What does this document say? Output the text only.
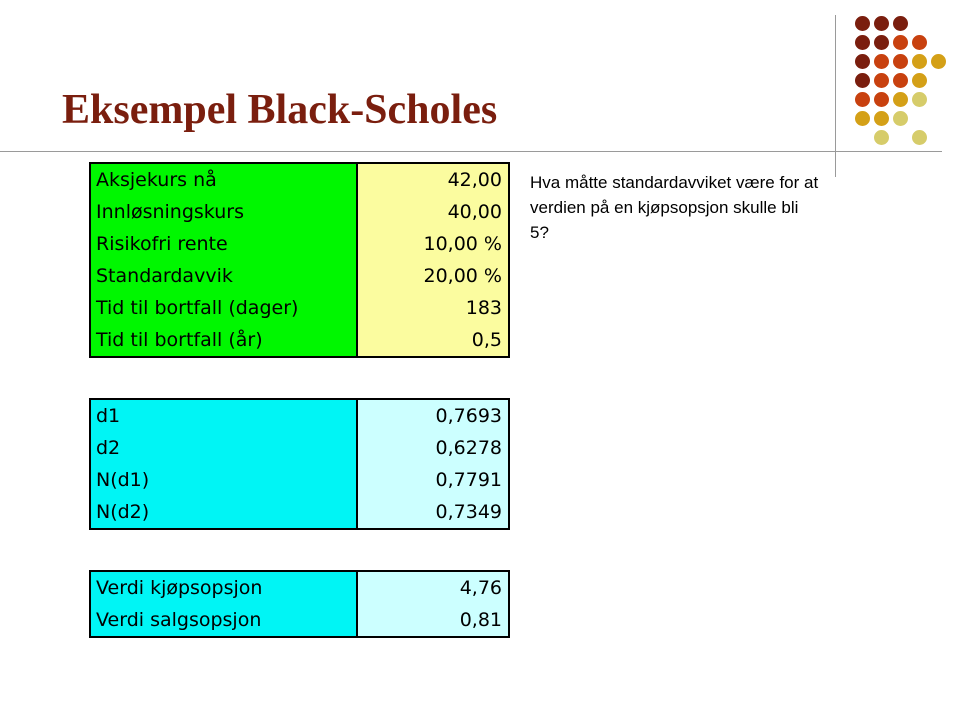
Eksempel Black-Scholes
Hva måtte standardavviket være for at verdien på en kjøpsopsjon skulle bli 5?
Aksjekurs nå	42,00
Innløsningskurs	40,00
Risikofri rente	10,00 %
Standardavvik	20,00 %
Tid til bortfall (dager)	183
Tid til bortfall (år)	0,5
d1	0,7693
d2	0,6278
N(d1)	0,7791
N(d2)	0,7349
Verdi kjøpsopsjon	4,76
Verdi salgsopsjon	0,81
